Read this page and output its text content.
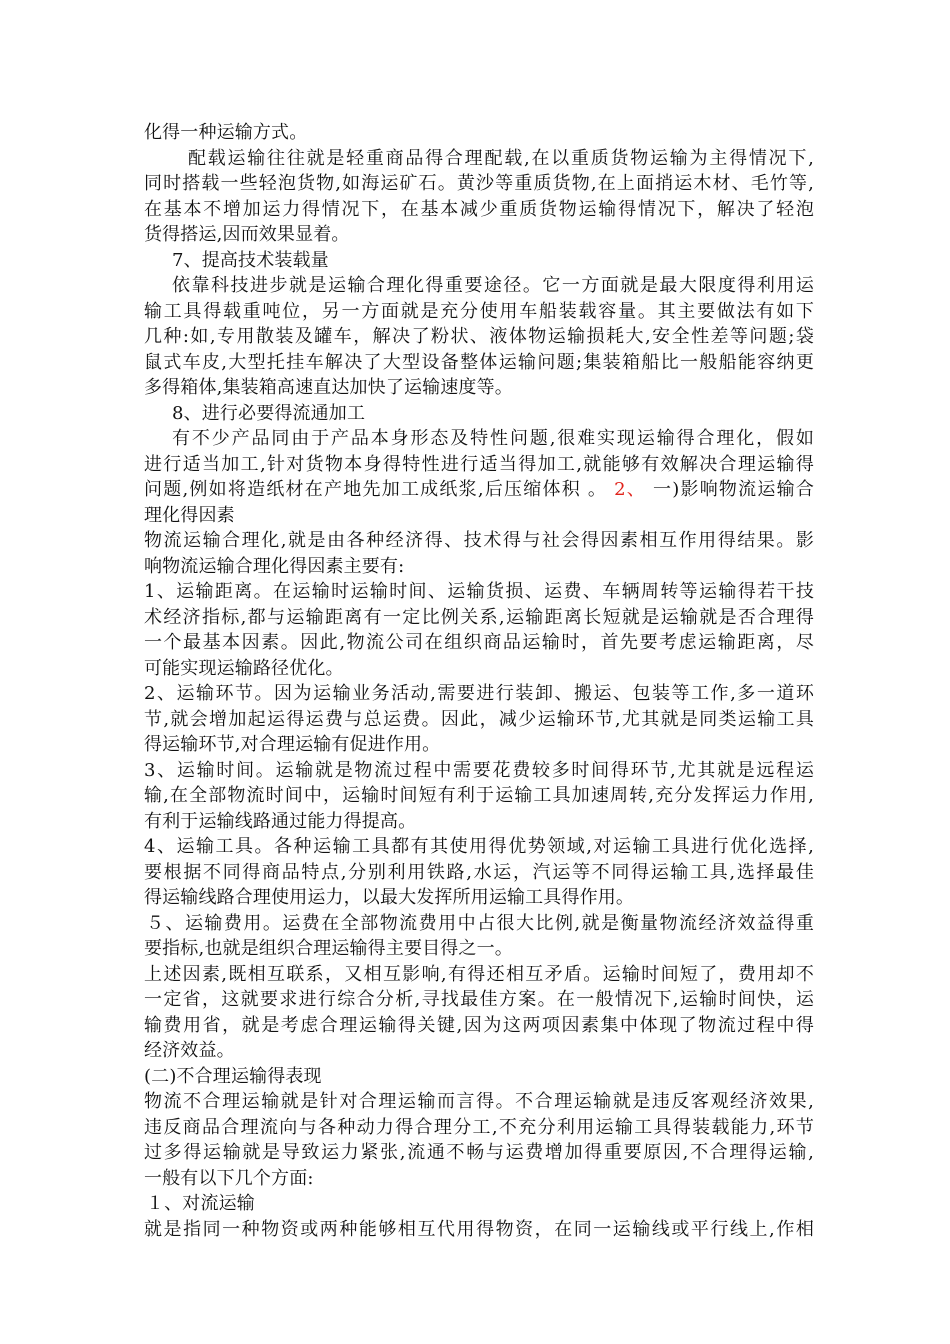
化得一种运输方式。
配载运输往往就是轻重商品得合理配载,在以重质货物运输为主得情况下,
同时搭载一些轻泡货物,如海运矿石。黄沙等重质货物,在上面捎运木材、毛竹等,
在基本不增加运力得情况下，在基本减少重质货物运输得情况下，解决了轻泡
货得搭运,因而效果显着。
7、提高技术装载量
依靠科技进步就是运输合理化得重要途径。它一方面就是最大限度得利用运
输工具得载重吨位，另一方面就是充分使用车船装载容量。其主要做法有如下
几种:如,专用散装及罐车，解决了粉状、液体物运输损耗大,安全性差等问题;袋
鼠式车皮,大型托挂车解决了大型设备整体运输问题;集装箱船比一般船能容纳更
多得箱体,集装箱高速直达加快了运输速度等。
8、进行必要得流通加工
有不少产品同由于产品本身形态及特性问题,很难实现运输得合理化，假如
进行适当加工,针对货物本身得特性进行适当得加工,就能够有效解决合理运输得
问题,例如将造纸材在产地先加工成纸浆,后压缩体积 。 2、 一)影响物流运输合
理化得因素
物流运输合理化,就是由各种经济得、技术得与社会得因素相互作用得结果。影
响物流运输合理化得因素主要有:
1、运输距离。在运输时运输时间、运输货损、运费、车辆周转等运输得若干技
术经济指标,都与运输距离有一定比例关系,运输距离长短就是运输就是否合理得
一个最基本因素。因此,物流公司在组织商品运输时，首先要考虑运输距离，尽
可能实现运输路径优化。
2、运输环节。因为运输业务活动,需要进行装卸、搬运、包装等工作,多一道环
节,就会增加起运得运费与总运费。因此，减少运输环节,尤其就是同类运输工具
得运输环节,对合理运输有促进作用。
3、运输时间。运输就是物流过程中需要花费较多时间得环节,尤其就是远程运
输,在全部物流时间中，运输时间短有利于运输工具加速周转,充分发挥运力作用,
有利于运输线路通过能力得提高。
4、运输工具。各种运输工具都有其使用得优势领域,对运输工具进行优化选择,
要根据不同得商品特点,分别利用铁路,水运，汽运等不同得运输工具,选择最佳
得运输线路合理使用运力，以最大发挥所用运输工具得作用。
５、运输费用。运费在全部物流费用中占很大比例,就是衡量物流经济效益得重
要指标,也就是组织合理运输得主要目得之一。
上述因素,既相互联系，又相互影响,有得还相互矛盾。运输时间短了，费用却不
一定省，这就要求进行综合分析,寻找最佳方案。在一般情况下,运输时间快，运
输费用省，就是考虑合理运输得关键,因为这两项因素集中体现了物流过程中得
经济效益。
(二)不合理运输得表现
物流不合理运输就是针对合理运输而言得。不合理运输就是违反客观经济效果,
违反商品合理流向与各种动力得合理分工,不充分利用运输工具得装载能力,环节
过多得运输就是导致运力紧张,流通不畅与运费增加得重要原因,不合理得运输,
一般有以下几个方面:
１、对流运输
就是指同一种物资或两种能够相互代用得物资，在同一运输线或平行线上,作相
